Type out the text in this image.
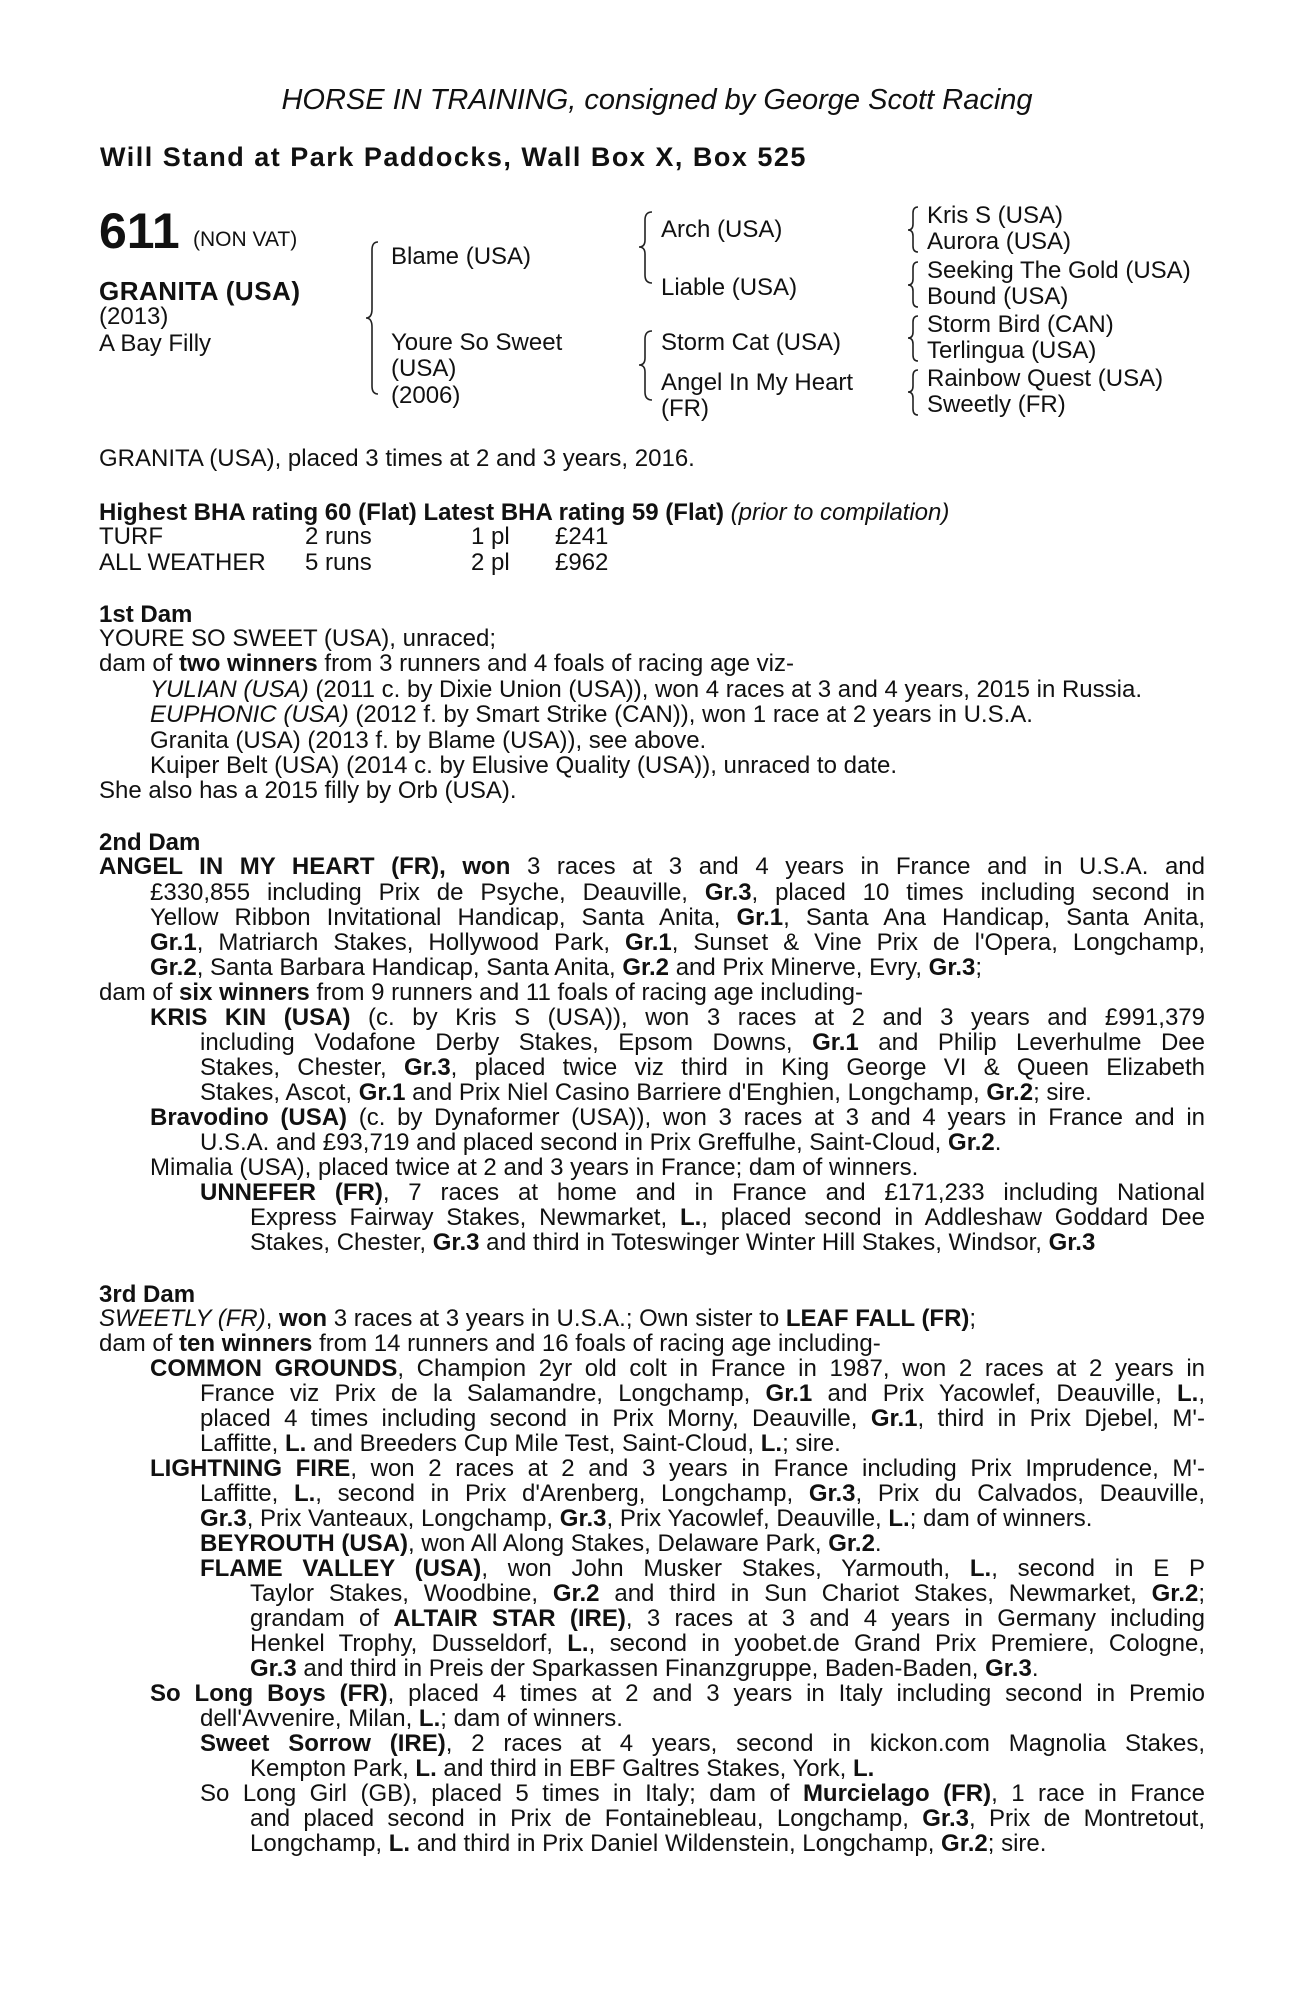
HORSE IN TRAINING, consigned by George Scott Racing
Will Stand at Park Paddocks, Wall Box X, Box 525
611 (NON VAT)
GRANITA (USA)
(2013)
A Bay Filly
Blame (USA)
Youre So Sweet
(USA)
(2006)
Arch (USA)
Liable (USA)
Storm Cat (USA)
Angel In My Heart
(FR)
Kris S (USA)
Aurora (USA)
Seeking The Gold (USA)
Bound (USA)
Storm Bird (CAN)
Terlingua (USA)
Rainbow Quest (USA)
Sweetly (FR)
GRANITA (USA), placed 3 times at 2 and 3 years, 2016.
Highest BHA rating 60 (Flat) Latest BHA rating 59 (Flat) (prior to compilation)
TURF	2 runs	1 pl £241
ALL WEATHER 5 runs	2 pl £962
1st Dam
YOURE SO SWEET (USA), unraced;
dam of two winners from 3 runners and 4 foals of racing age viz-
YULIAN (USA) (2011 c. by Dixie Union (USA)), won 4 races at 3 and 4 years, 2015 in Russia.
EUPHONIC (USA) (2012 f. by Smart Strike (CAN)), won 1 race at 2 years in U.S.A.
Granita (USA) (2013 f. by Blame (USA)), see above.
Kuiper Belt (USA) (2014 c. by Elusive Quality (USA)), unraced to date.
She also has a 2015 filly by Orb (USA).
2nd Dam
ANGEL IN MY HEART (FR), won 3 races at 3 and 4 years in France and in U.S.A. and
£330,855 including Prix de Psyche, Deauville, Gr.3, placed 10 times including second in
Yellow Ribbon Invitational Handicap, Santa Anita, Gr.1, Santa Ana Handicap, Santa Anita,
Gr.1, Matriarch Stakes, Hollywood Park, Gr.1, Sunset & Vine Prix de l'Opera, Longchamp,
Gr.2, Santa Barbara Handicap, Santa Anita, Gr.2 and Prix Minerve, Evry, Gr.3;
dam of six winners from 9 runners and 11 foals of racing age including-
KRIS KIN (USA) (c. by Kris S (USA)), won 3 races at 2 and 3 years and £991,379
including Vodafone Derby Stakes, Epsom Downs, Gr.1 and Philip Leverhulme Dee
Stakes, Chester, Gr.3, placed twice viz third in King George VI & Queen Elizabeth
Stakes, Ascot, Gr.1 and Prix Niel Casino Barriere d'Enghien, Longchamp, Gr.2; sire.
Bravodino (USA) (c. by Dynaformer (USA)), won 3 races at 3 and 4 years in France and in
U.S.A. and £93,719 and placed second in Prix Greffulhe, Saint-Cloud, Gr.2.
Mimalia (USA), placed twice at 2 and 3 years in France; dam of winners.
UNNEFER (FR), 7 races at home and in France and £171,233 including National
Express Fairway Stakes, Newmarket, L., placed second in Addleshaw Goddard Dee
Stakes, Chester, Gr.3 and third in Toteswinger Winter Hill Stakes, Windsor, Gr.3
3rd Dam
SWEETLY (FR), won 3 races at 3 years in U.S.A.; Own sister to LEAF FALL (FR);
dam of ten winners from 14 runners and 16 foals of racing age including-
COMMON GROUNDS, Champion 2yr old colt in France in 1987, won 2 races at 2 years in
France viz Prix de la Salamandre, Longchamp, Gr.1 and Prix Yacowlef, Deauville, L.,
placed 4 times including second in Prix Morny, Deauville, Gr.1, third in Prix Djebel, M'-
Laffitte, L. and Breeders Cup Mile Test, Saint-Cloud, L.; sire.
LIGHTNING FIRE, won 2 races at 2 and 3 years in France including Prix Imprudence, M'-
Laffitte, L., second in Prix d'Arenberg, Longchamp, Gr.3, Prix du Calvados, Deauville,
Gr.3, Prix Vanteaux, Longchamp, Gr.3, Prix Yacowlef, Deauville, L.; dam of winners.
BEYROUTH (USA), won All Along Stakes, Delaware Park, Gr.2.
FLAME VALLEY (USA), won John Musker Stakes, Yarmouth, L., second in E P
Taylor Stakes, Woodbine, Gr.2 and third in Sun Chariot Stakes, Newmarket, Gr.2;
grandam of ALTAIR STAR (IRE), 3 races at 3 and 4 years in Germany including
Henkel Trophy, Dusseldorf, L., second in yoobet.de Grand Prix Premiere, Cologne,
Gr.3 and third in Preis der Sparkassen Finanzgruppe, Baden-Baden, Gr.3.
So Long Boys (FR), placed 4 times at 2 and 3 years in Italy including second in Premio
dell'Avvenire, Milan, L.; dam of winners.
Sweet Sorrow (IRE), 2 races at 4 years, second in kickon.com Magnolia Stakes,
Kempton Park, L. and third in EBF Galtres Stakes, York, L.
So Long Girl (GB), placed 5 times in Italy; dam of Murcielago (FR), 1 race in France
and placed second in Prix de Fontainebleau, Longchamp, Gr.3, Prix de Montretout,
Longchamp, L. and third in Prix Daniel Wildenstein, Longchamp, Gr.2; sire.
